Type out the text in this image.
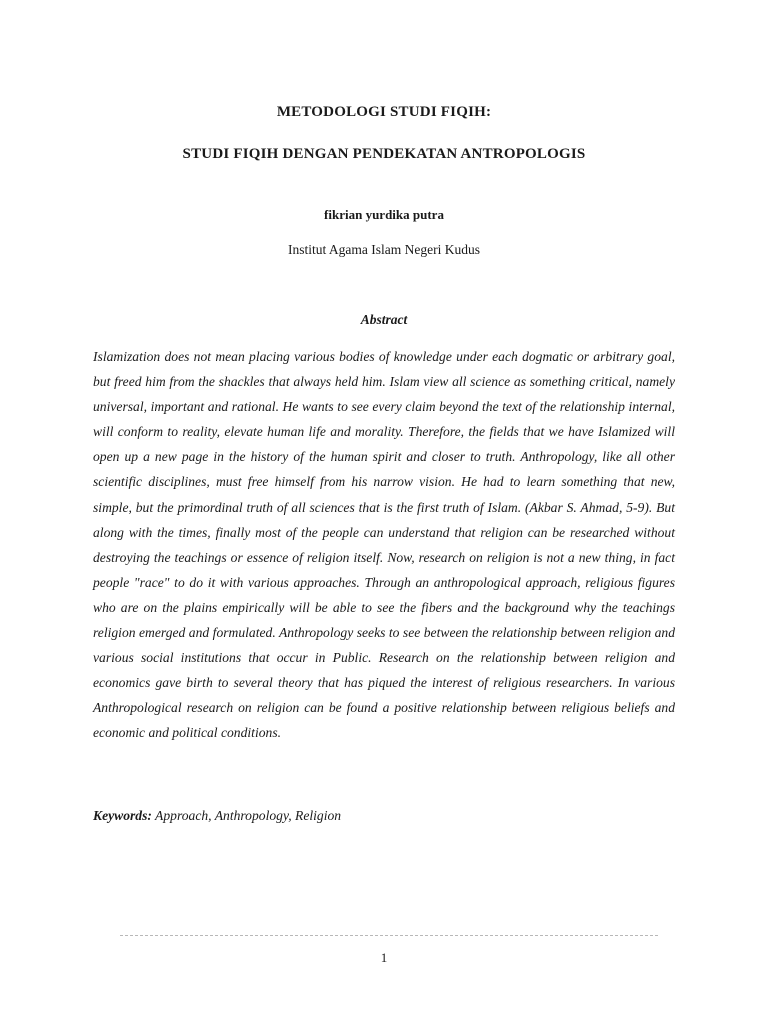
METODOLOGI STUDI FIQIH:
STUDI FIQIH DENGAN PENDEKATAN ANTROPOLOGIS
fikrian yurdika putra
Institut Agama Islam Negeri Kudus
Abstract
Islamization does not mean placing various bodies of knowledge under each dogmatic or arbitrary goal, but freed him from the shackles that always held him. Islam view all science as something critical, namely universal, important and rational. He wants to see every claim beyond the text of the relationship internal, will conform to reality, elevate human life and morality. Therefore, the fields that we have Islamized will open up a new page in the history of the human spirit and closer to truth. Anthropology, like all other scientific disciplines, must free himself from his narrow vision. He had to learn something that new, simple, but the primordinal truth of all sciences that is the first truth of Islam. (Akbar S. Ahmad, 5-9). But along with the times, finally most of the people can understand that religion can be researched without destroying the teachings or essence of religion itself. Now, research on religion is not a new thing, in fact people "race" to do it with various approaches. Through an anthropological approach, religious figures who are on the plains empirically will be able to see the fibers and the background why the teachings religion emerged and formulated. Anthropology seeks to see between the relationship between religion and various social institutions that occur in Public. Research on the relationship between religion and economics gave birth to several theory that has piqued the interest of religious researchers. In various Anthropological research on religion can be found a positive relationship between religious beliefs and economic and political conditions.
Keywords: Approach, Anthropology, Religion
1
